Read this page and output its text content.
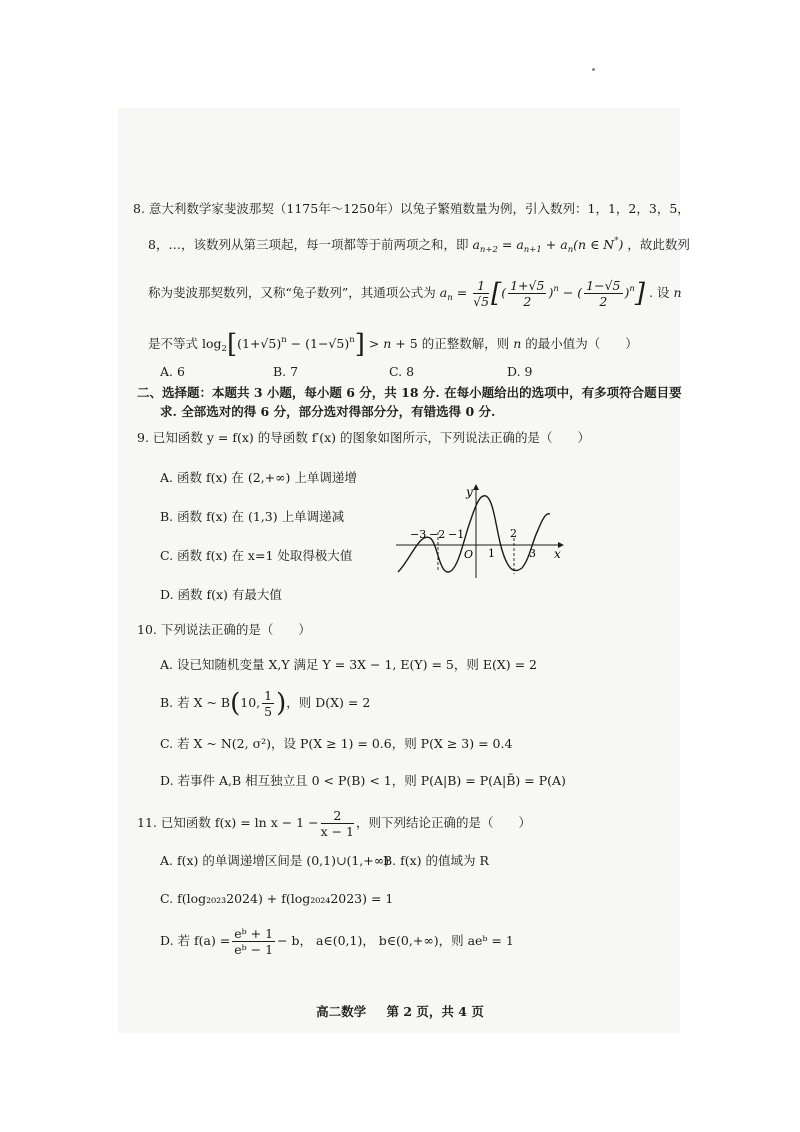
8. 意大利数学家斐波那契（1175年～1250年）以兔子繁殖数量为例，引入数列：1，1，2，3，5，
8，…，该数列从第三项起，每一项都等于前两项之和，即 $a_{n+2} = a_{n+1} + a_n(n$ ∈ N*) ，故此数列
称为斐波那契数列，又称“兔子数列”，其通项公式为 $a_n = \frac{1}{√5}$ [( $\frac{1+√5}{2} )^n$ − ( $\frac{1-√5}{2} )^n$] . 设 n
是不等式 $\log_2[(1+√5)^n - (1-√5)^n] > n + 5$ 的正整数解，则 n 的最小值为（　　）
A. 6	B. 7	C. 8	D. 9
二、选择题：本题共 3 小题，每小题 6 分，共 18 分. 在每小题给出的选项中，有多项符合题目要
求. 全部选对的得 6 分，部分选对得部分分，有错选得 0 分.
9. 已知函数 y = f(x) 的导函数 f′(x) 的图象如图所示，下列说法正确的是（　　）
A. 函数 f(x) 在 (2,+∞) 上单调递增
B. 函数 f(x) 在 (1,3) 上单调递减
C. 函数 f(x) 在 x=1 处取得极大值
D. 函数 f(x) 有最大值
y
x
O
−3 −2 −1
1
2
3
10. 下列说法正确的是（　　）
A. 设已知随机变量 X,Y 满足 Y = 3X − 1, E(Y) = 5，则 E(X) = 2
B. 若 X ~ B(10, $\frac{1}{5}$ )，则 D(X) = 2
C. 若 X ~ N(2, σ²)，设 P(X ≥ 1) = 0.6，则 P(X ≥ 3) = 0.4
D. 若事件 A,B 相互独立且 0 < P(B) < 1，则 P(A|B) = P(A|B̄) = P(A)
11. 已知函数 $f(x) = \ln x - 1 - \frac{2}{x - 1}$ ，则下列结论正确的是（　　）
A. f(x) 的单调递增区间是 (0,1)∪(1,+∞)
B. f(x) 的值域为 R
C. f(log₂₀₂₃2024) + f(log₂₀₂₄2023) = 1
D. 若 $f(a) = \frac{\text{eᵇ + 1}}{\text{eᵇ − 1}} - b$， a∈(0,1)， b∈(0,+∞)，则 aeᵇ = 1
高二数学 第 2 页，共 4 页
